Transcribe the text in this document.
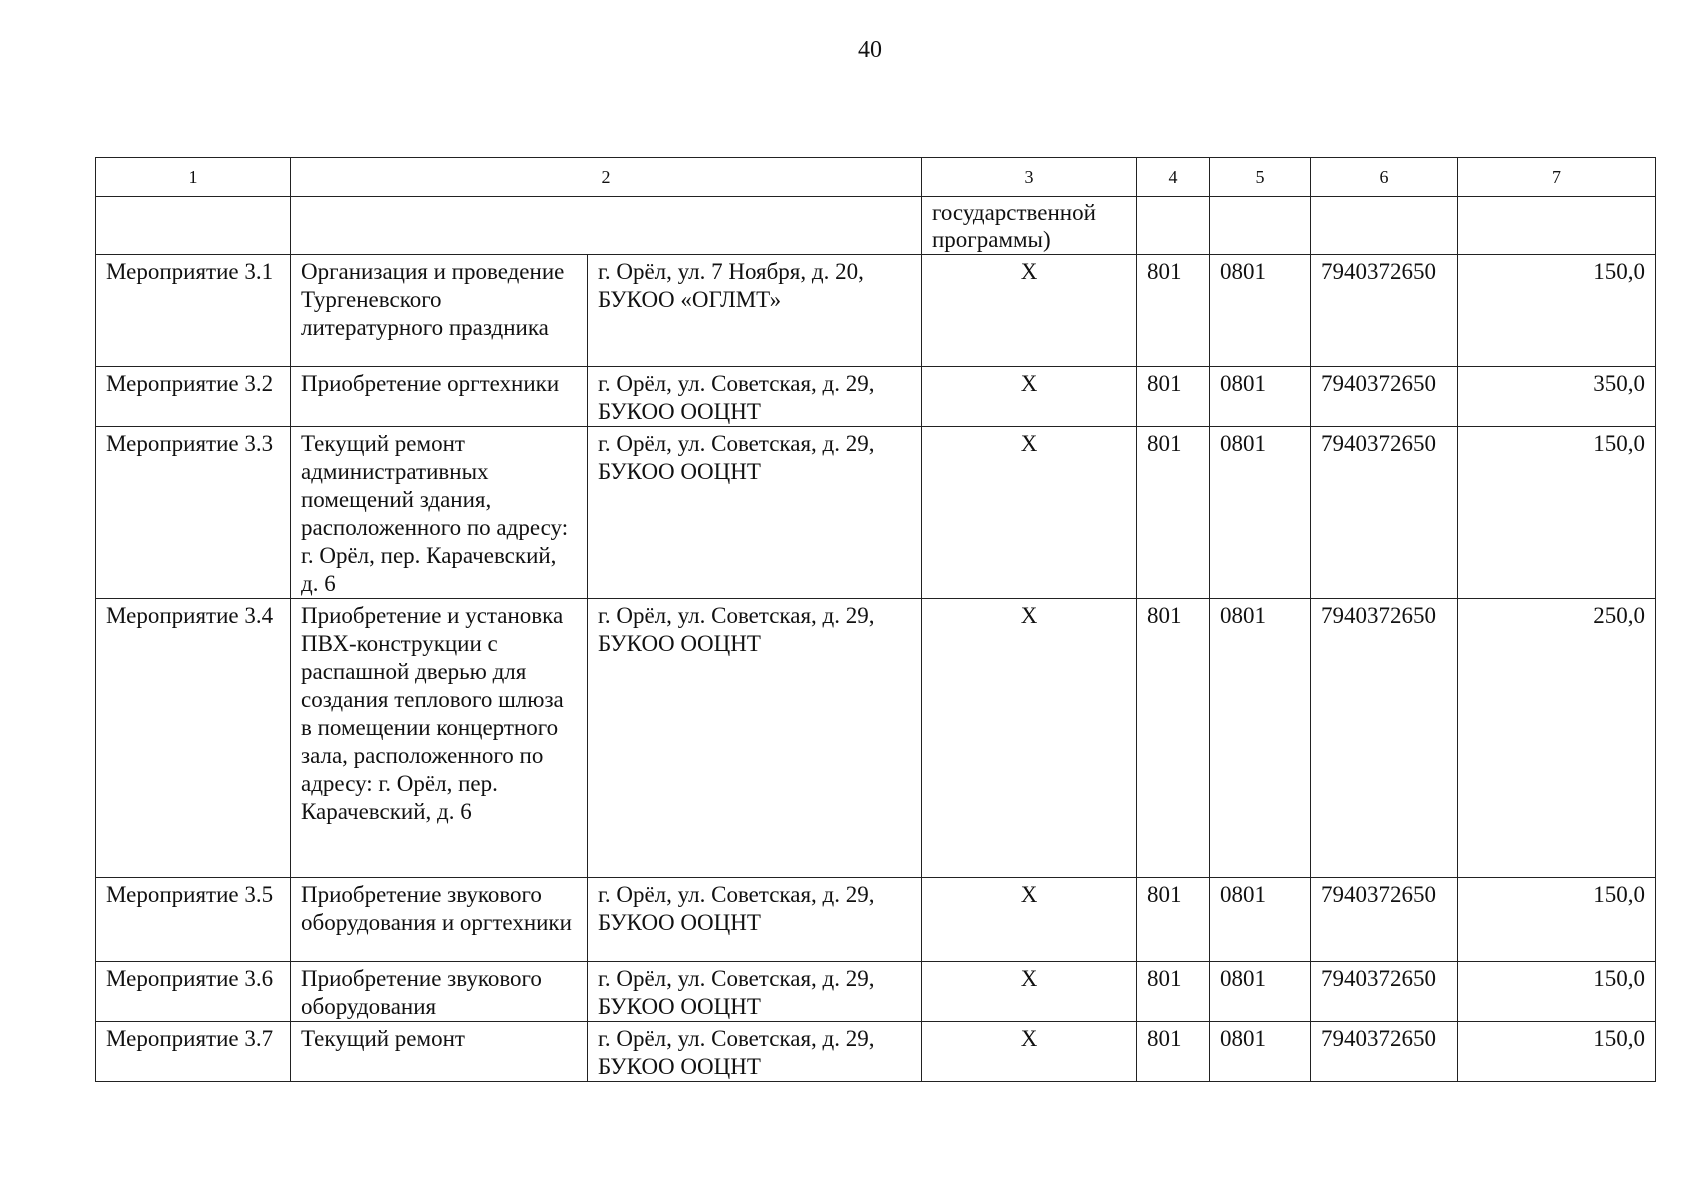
40
1	2		3	4	5	6	7
			государственной программы)				
Мероприятие 3.1	Организация и проведение Тургеневского литературного праздника	г. Орёл, ул. 7 Ноября, д. 20, БУКОО «ОГЛМТ»	X	801	0801	7940372650	150,0
Мероприятие 3.2	Приобретение оргтехники	г. Орёл, ул. Советская, д. 29, БУКОО ООЦНТ	X	801	0801	7940372650	350,0
Мероприятие 3.3	Текущий ремонт административных помещений здания, расположенного по адресу: г. Орёл, пер. Карачевский, д. 6	г. Орёл, ул. Советская, д. 29, БУКОО ООЦНТ	X	801	0801	7940372650	150,0
Мероприятие 3.4	Приобретение и установка ПВХ-конструкции с распашной дверью для создания теплового шлюза в помещении концертного зала, расположенного по адресу: г. Орёл, пер. Карачевский, д. 6	г. Орёл, ул. Советская, д. 29, БУКОО ООЦНТ	X	801	0801	7940372650	250,0
Мероприятие 3.5	Приобретение звукового оборудования и оргтехники	г. Орёл, ул. Советская, д. 29, БУКОО ООЦНТ	X	801	0801	7940372650	150,0
Мероприятие 3.6	Приобретение звукового оборудования	г. Орёл, ул. Советская, д. 29, БУКОО ООЦНТ	X	801	0801	7940372650	150,0
Мероприятие 3.7	Текущий ремонт	г. Орёл, ул. Советская, д. 29, БУКОО ООЦНТ	X	801	0801	7940372650	150,0
